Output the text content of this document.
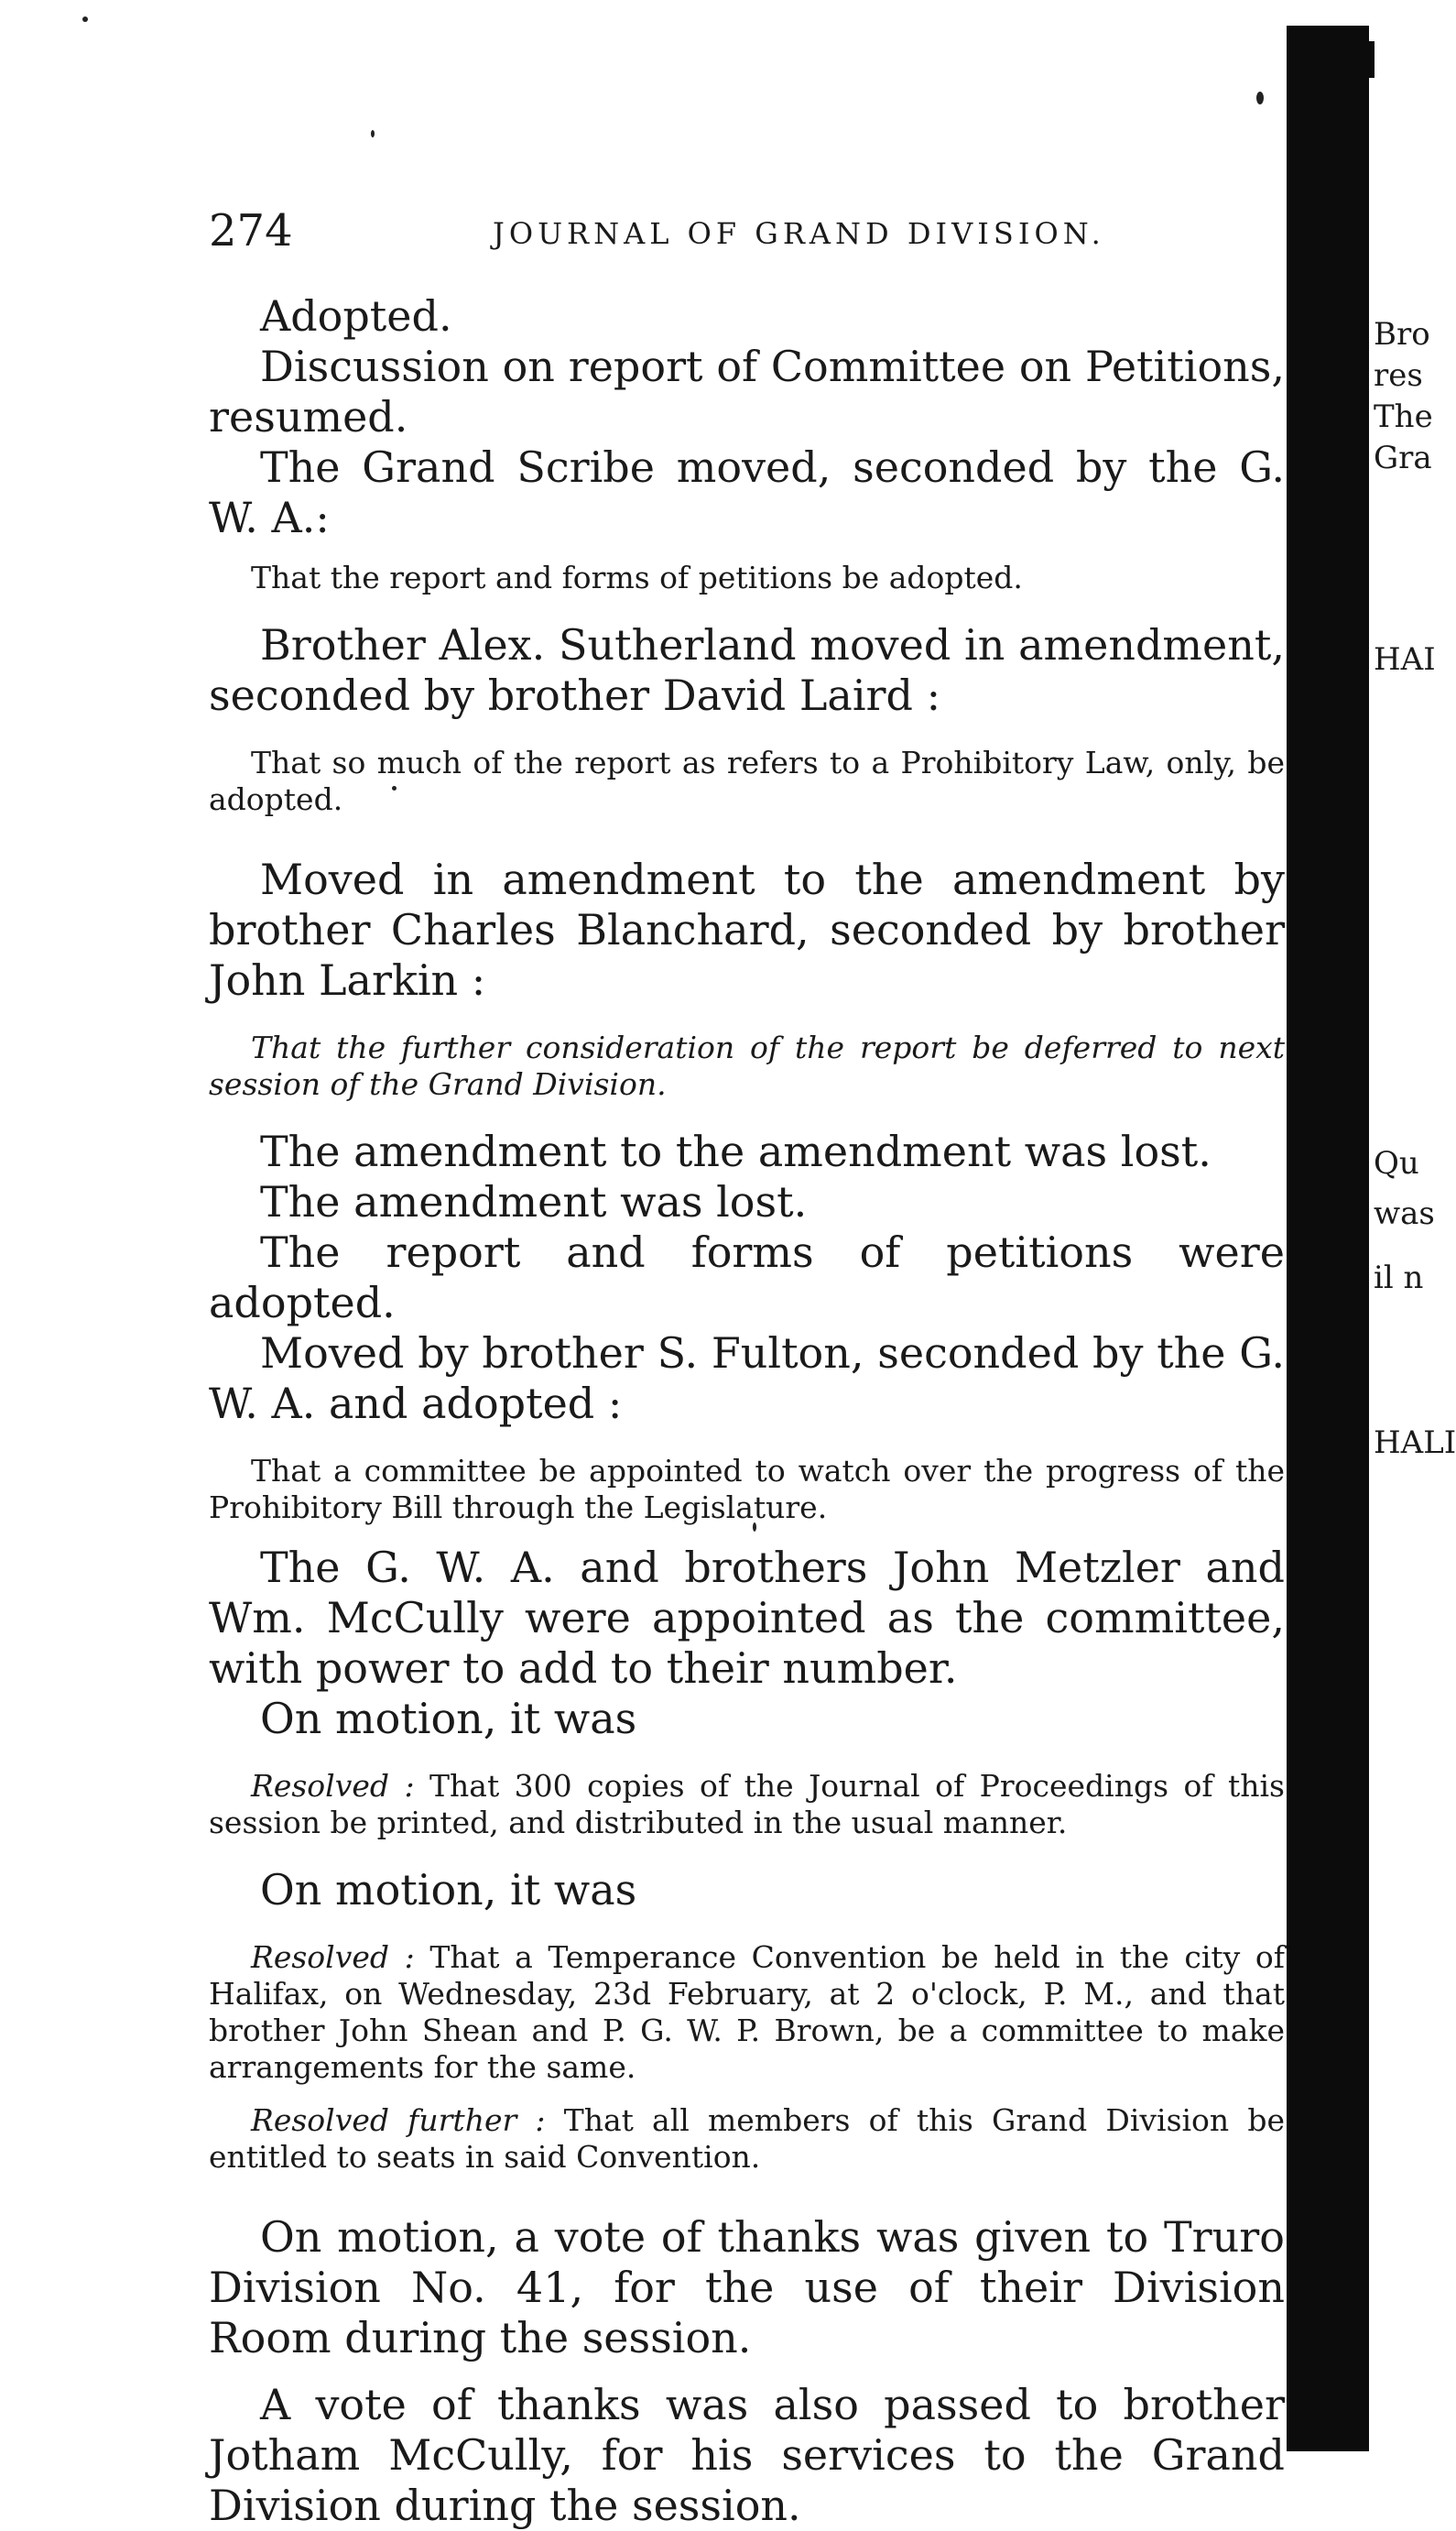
274	JOURNAL OF GRAND DIVISION.

Adopted.

Discussion on report of Committee on Petitions, resumed.

The Grand Scribe moved, seconded by the G. W. A.:

That the report and forms of petitions be adopted.

Brother Alex. Sutherland moved in amendment, seconded by brother David Laird :

That so much of the report as refers to a Prohibitory Law, only, be adopted.

Moved in amendment to the amendment by brother Charles Blanchard, seconded by brother John Larkin :

That the further consideration of the report be deferred to next session of the Grand Division.

The amendment to the amendment was lost.

The amendment was lost.

The report and forms of petitions were adopted.

Moved by brother S. Fulton, seconded by the G. W. A. and adopted :

That a committee be appointed to watch over the progress of the Prohibitory Bill through the Legislature.

The G. W. A. and brothers John Metzler and Wm. McCully were appointed as the committee, with power to add to their number.

On motion, it was

Resolved : That 300 copies of the Journal of Proceedings of this session be printed, and distributed in the usual manner.

On motion, it was

Resolved : That a Temperance Convention be held in the city of Halifax, on Wednesday, 23d February, at 2 o'clock, P. M., and that brother John Shean and P. G. W. P. Brown, be a committee to make arrangements for the same.

Resolved further : That all members of this Grand Division be entitled to seats in said Convention.

On motion, a vote of thanks was given to Truro Division No. 41, for the use of their Division Room during the session.

A vote of thanks was also passed to brother Jotham McCully, for his services to the Grand Division during the session.

Bro
res
The
Gra
HAI
Qu
was
il n
HALI
